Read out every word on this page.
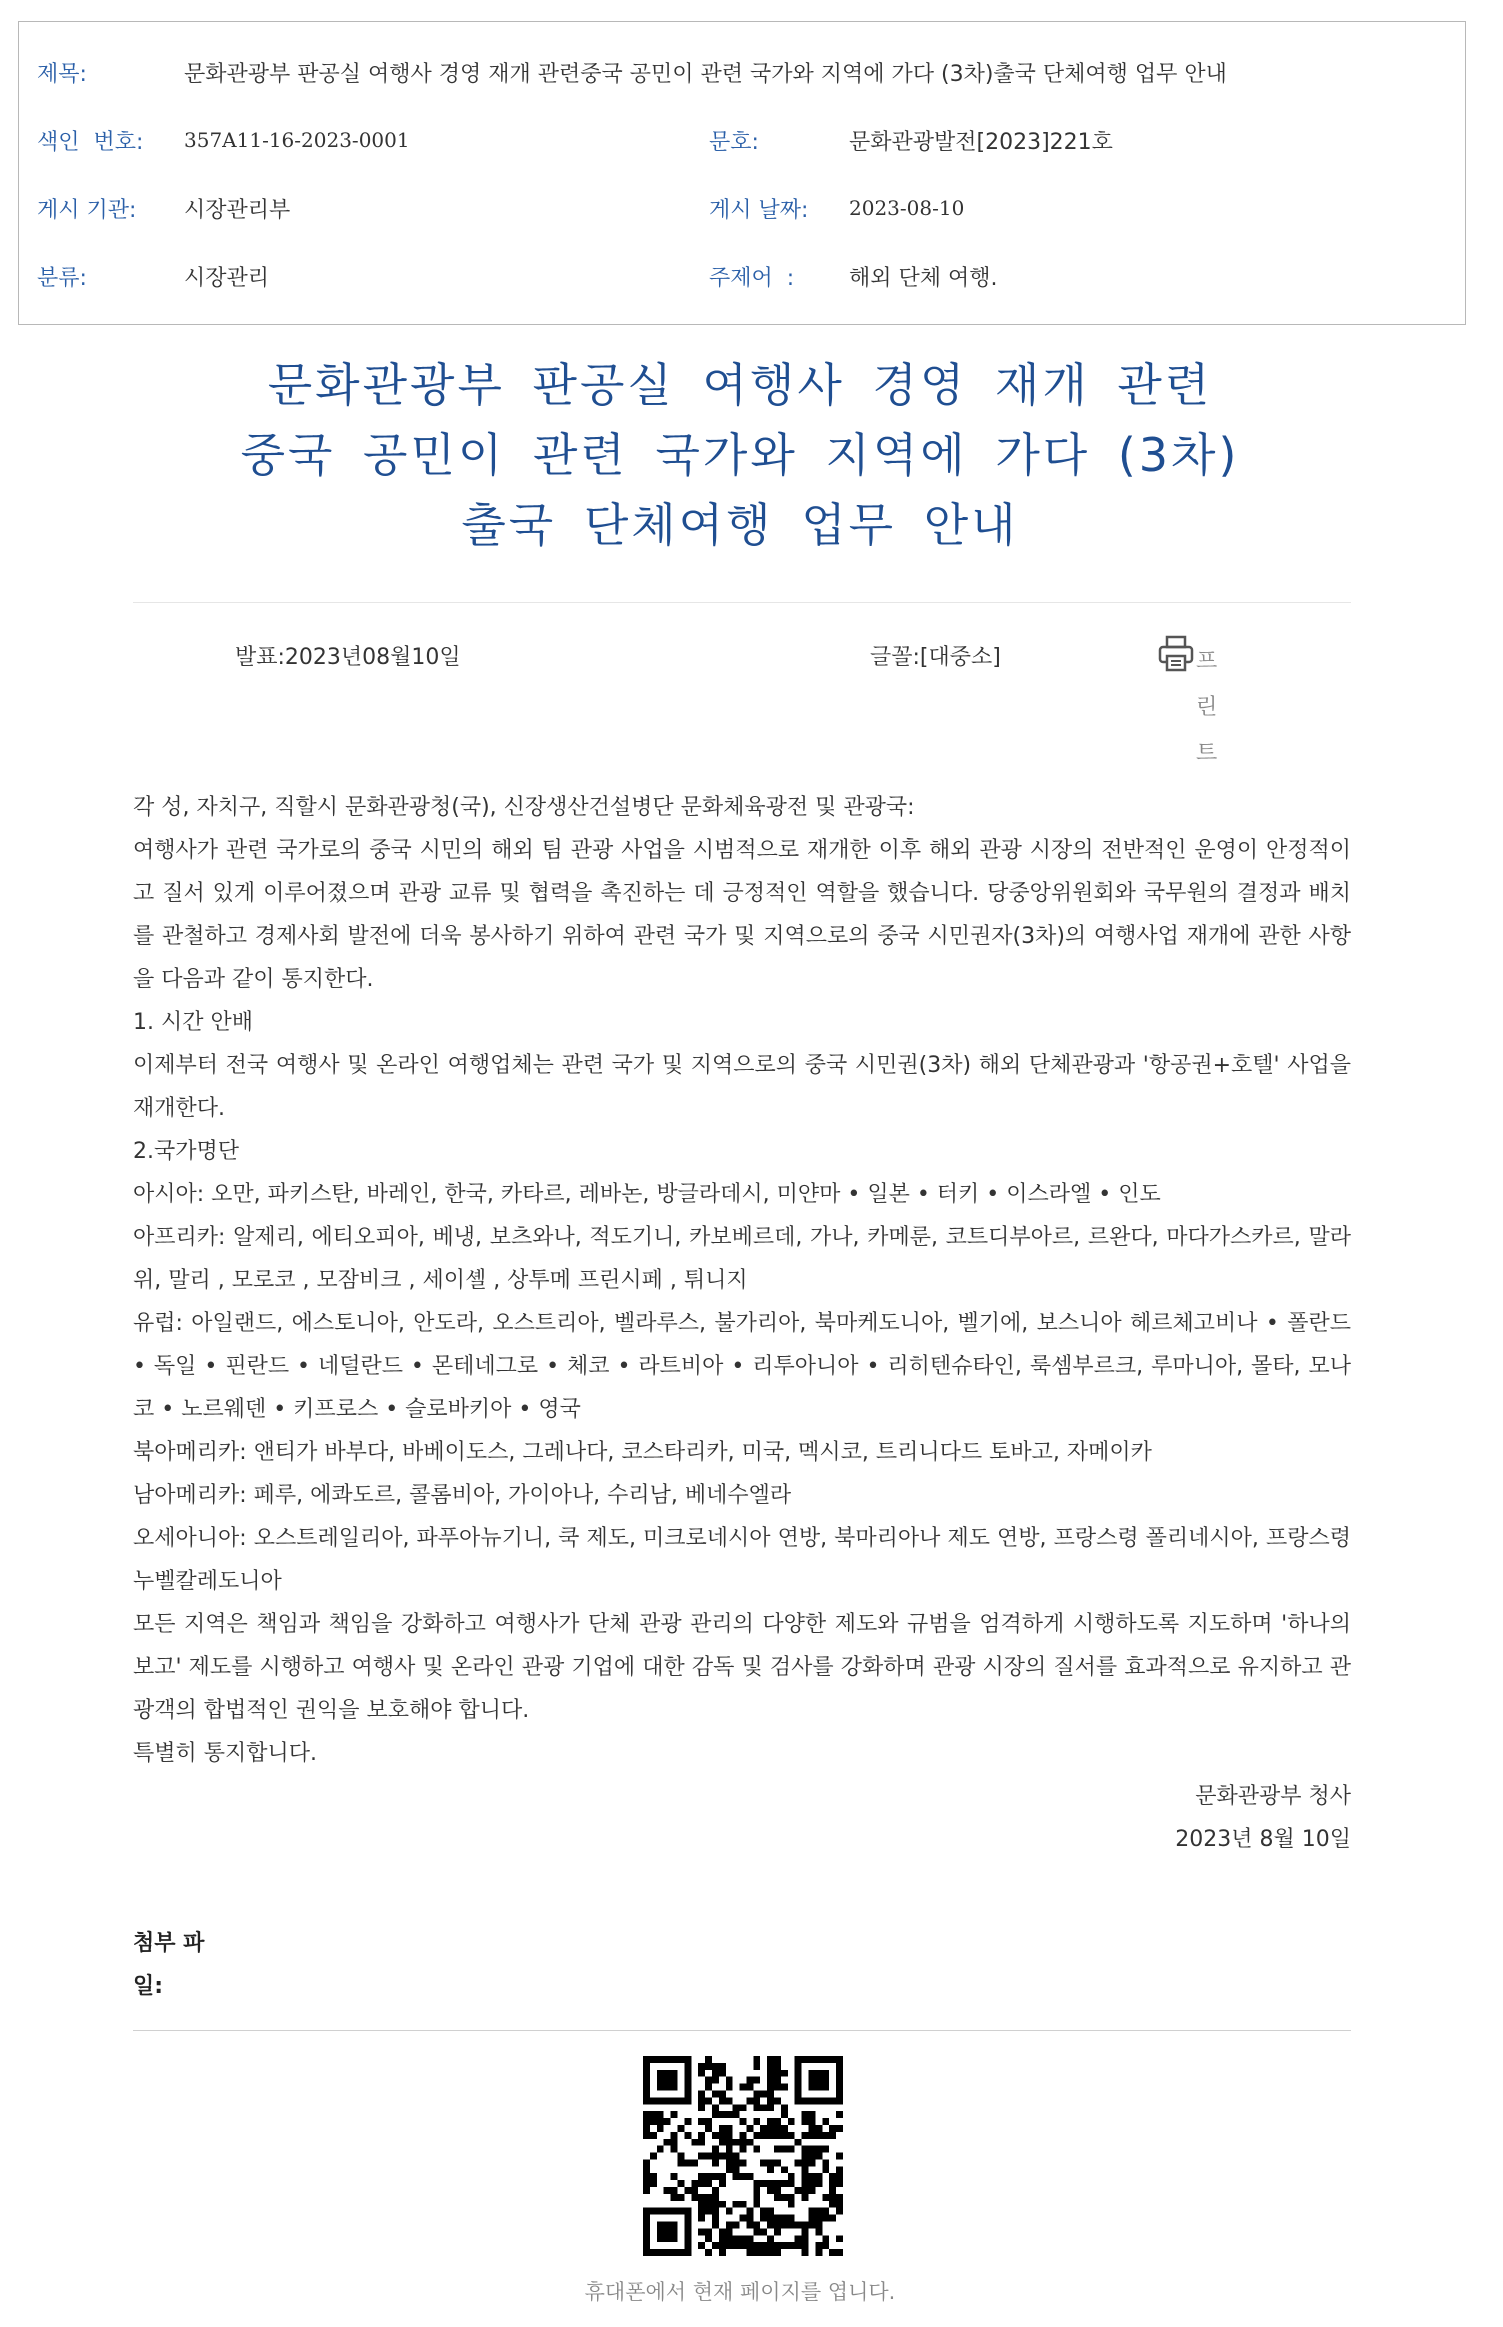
제목:	문화관광부 판공실 여행사 경영 재개 관련중국 공민이 관련 국가와 지역에 가다 (3차)출국 단체여행 업무 안내
색인  번호: 357A11-16-2023-0001	문호:	문화관광발전[2023]221호
게시 기관: 시장관리부	게시 날짜: 2023-08-10
분류:	시장관리	주제어  : 해외 단체 여행.
문화관광부 판공실 여행사 경영 재개 관련
중국 공민이 관련 국가와 지역에 가다 (3차)
출국 단체여행 업무 안내
발표:2023년08월10일	글꼴:[대중소]	프린트

각 성, 자치구, 직할시 문화관광청(국), 신장생산건설병단 문화체육광전 및 관광국:

여행사가 관련 국가로의 중국 시민의 해외 팀 관광 사업을 시범적으로 재개한 이후 해외 관광 시장의 전반적인 운영이 안정적이고 질서 있게 이루어졌으며 관광 교류 및 협력을 촉진하는 데 긍정적인 역할을 했습니다. 당중앙위원회와 국무원의 결정과 배치를 관철하고 경제사회 발전에 더욱 봉사하기 위하여 관련 국가 및 지역으로의 중국 시민권자(3차)의 여행사업 재개에 관한 사항을 다음과 같이 통지한다.

1. 시간 안배

이제부터 전국 여행사 및 온라인 여행업체는 관련 국가 및 지역으로의 중국 시민권(3차) 해외 단체관광과 '항공권+호텔' 사업을 재개한다.

2.국가명단

아시아: 오만, 파키스탄, 바레인, 한국, 카타르, 레바논, 방글라데시, 미얀마 • 일본 • 터키 • 이스라엘 • 인도

아프리카: 알제리, 에티오피아, 베냉, 보츠와나, 적도기니, 카보베르데, 가나, 카메룬, 코트디부아르, 르완다, 마다가스카르, 말라위, 말리 , 모로코 , 모잠비크 , 세이셸 , 상투메 프린시페 , 튀니지

유럽: 아일랜드, 에스토니아, 안도라, 오스트리아, 벨라루스, 불가리아, 북마케도니아, 벨기에, 보스니아 헤르체고비나 • 폴란드 • 독일 • 핀란드 • 네덜란드 • 몬테네그로 • 체코 • 라트비아 • 리투아니아 • 리히텐슈타인, 룩셈부르크, 루마니아, 몰타, 모나코 • 노르웨덴 • 키프로스 • 슬로바키아 • 영국

북아메리카: 앤티가 바부다, 바베이도스, 그레나다, 코스타리카, 미국, 멕시코, 트리니다드 토바고, 자메이카

남아메리카: 페루, 에콰도르, 콜롬비아, 가이아나, 수리남, 베네수엘라

오세아니아: 오스트레일리아, 파푸아뉴기니, 쿡 제도, 미크로네시아 연방, 북마리아나 제도 연방, 프랑스령 폴리네시아, 프랑스령 누벨칼레도니아

모든 지역은 책임과 책임을 강화하고 여행사가 단체 관광 관리의 다양한 제도와 규범을 엄격하게 시행하도록 지도하며 '하나의 보고' 제도를 시행하고 여행사 및 온라인 관광 기업에 대한 감독 및 검사를 강화하며 관광 시장의 질서를 효과적으로 유지하고 관광객의 합법적인 권익을 보호해야 합니다.

특별히 통지합니다.

문화관광부 청사

2023년 8월 10일

첨부 파일:
휴대폰에서 현재 페이지를 엽니다.
